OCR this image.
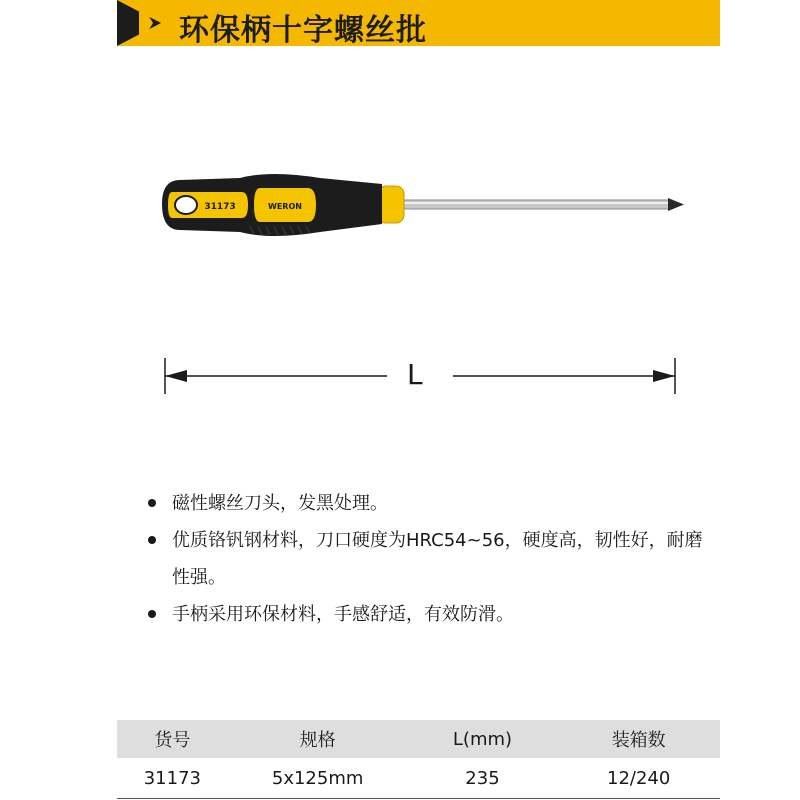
环保柄十字螺丝批
31173	WERON
L
磁性螺丝刀头，发黑处理。
优质铬钒钢材料，刀口硬度为HRC54~56，硬度高，韧性好，耐磨性强。
手柄采用环保材料，手感舒适，有效防滑。
货号	规格	L(mm)	装箱数
31173	5x125mm	235	12/240
